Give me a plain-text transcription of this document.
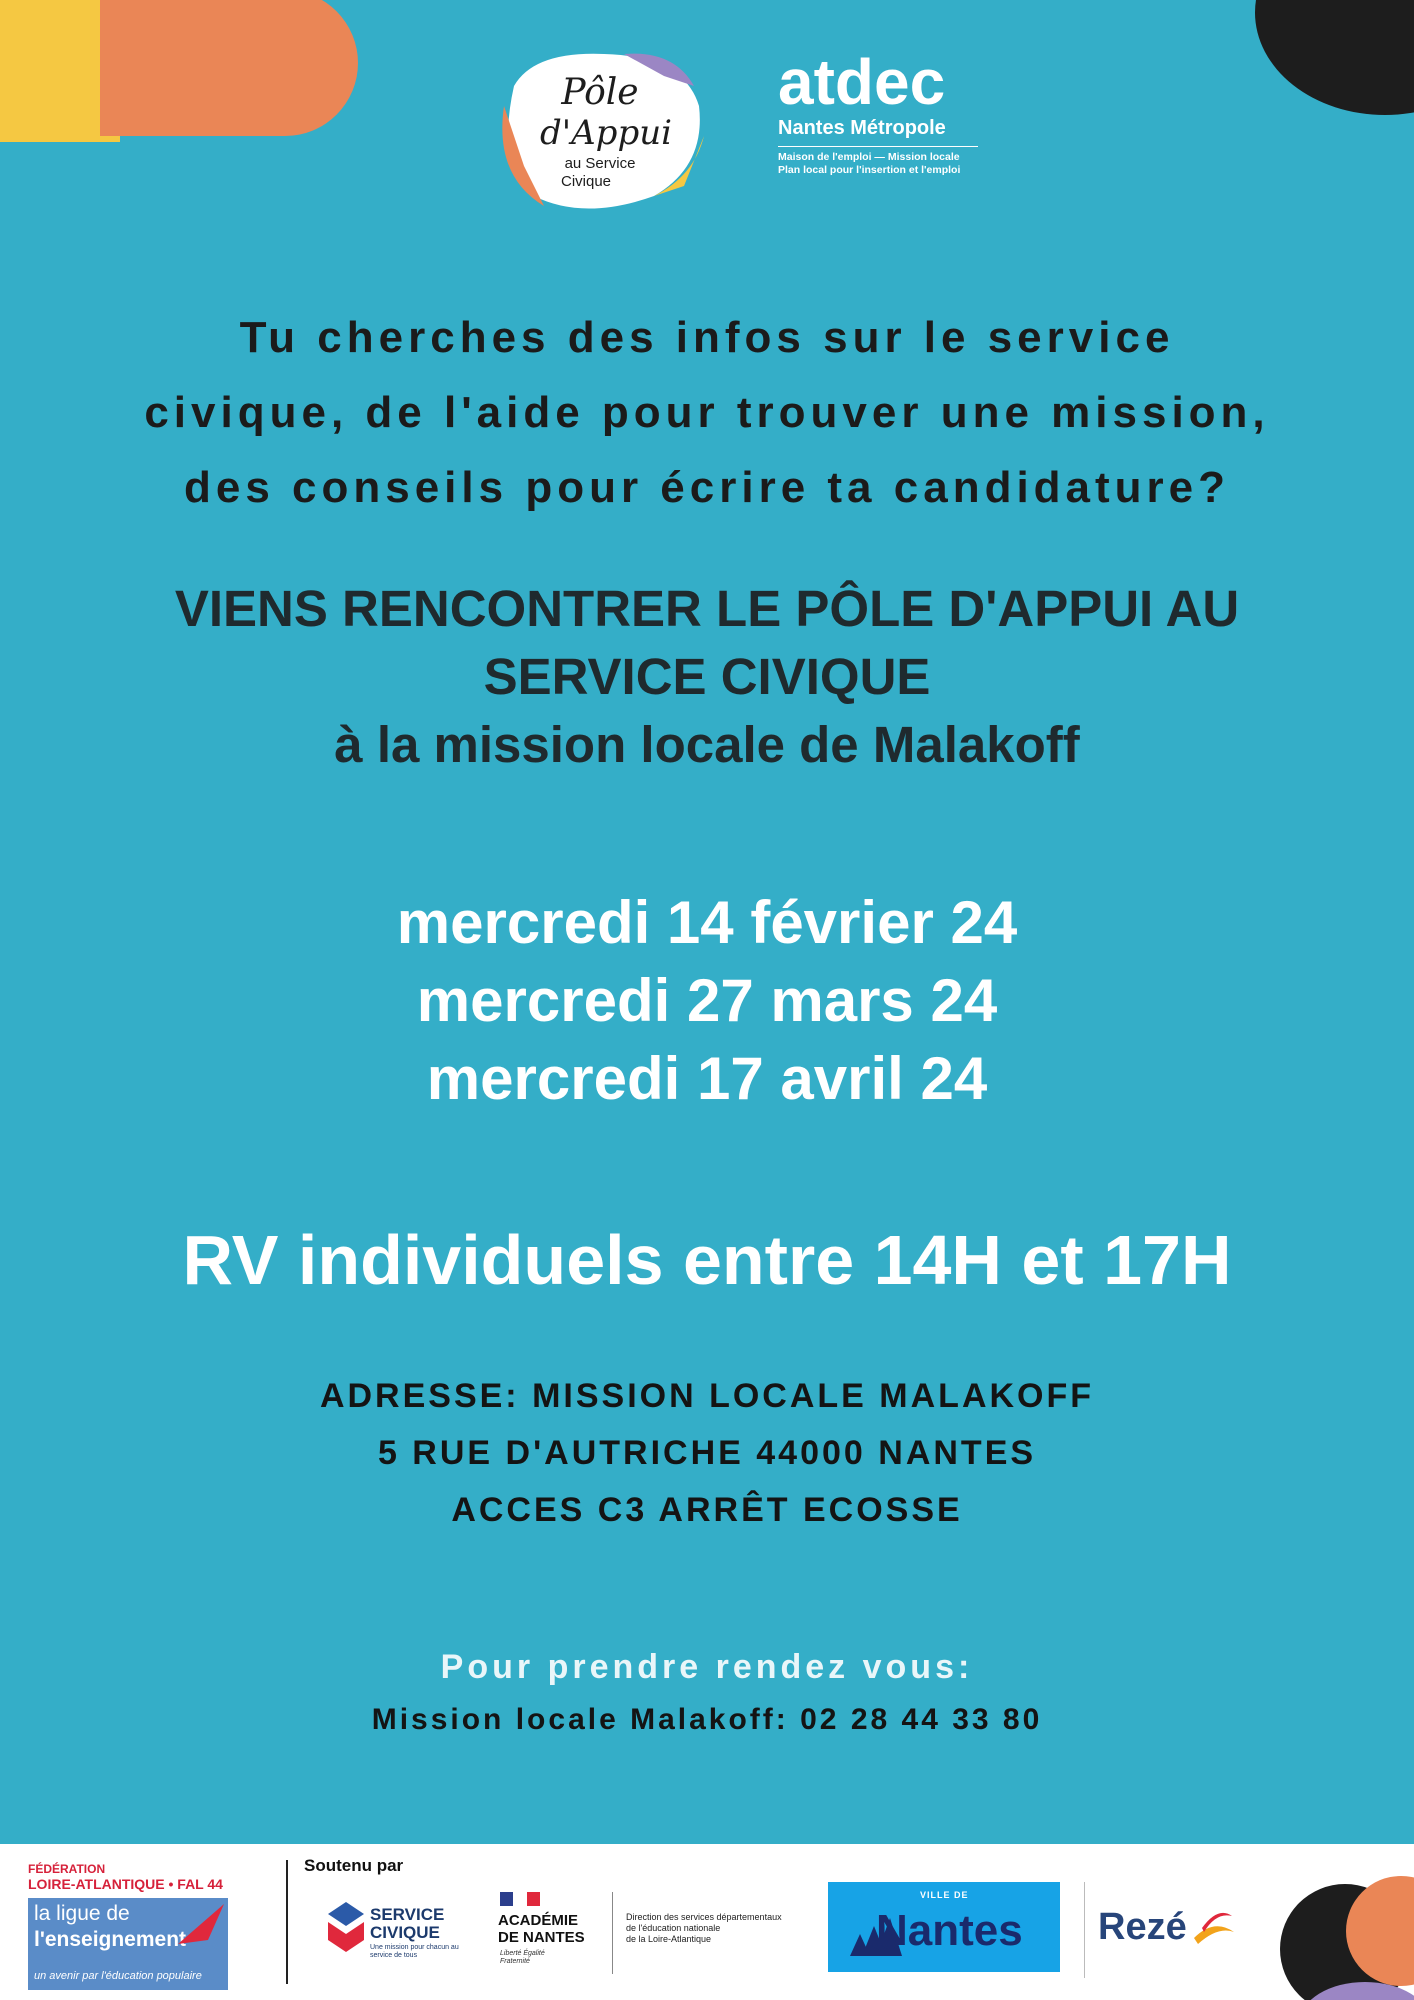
Pôle
d'Appui
au Service
Civique
atdec
Nantes Métropole
Maison de l'emploi — Mission locale
Plan local pour l'insertion et l'emploi
Tu cherches des infos sur le service
civique, de l'aide pour trouver une mission,
des conseils pour écrire ta candidature?
VIENS RENCONTRER LE PÔLE D'APPUI AU
SERVICE CIVIQUE
à la mission locale de Malakoff
mercredi 14 février 24
mercredi 27 mars 24
mercredi 17 avril 24
RV individuels entre 14H et 17H
ADRESSE: MISSION LOCALE MALAKOFF
5 RUE D'AUTRICHE 44000 NANTES
ACCES C3 ARRÊT ECOSSE
Pour prendre rendez vous:
Mission locale Malakoff: 02 28 44 33 80
FÉDÉRATION
LOIRE-ATLANTIQUE • FAL 44
la ligue de
l'enseignement
un avenir par l'éducation populaire
Soutenu par
SERVICE
CIVIQUE
Une mission pour chacun au service de tous
ACADÉMIE
DE NANTES
Liberté Égalité Fraternité
Direction des services départementaux
de l'éducation nationale
de la Loire-Atlantique
VILLE DE
Nantes Rezé
